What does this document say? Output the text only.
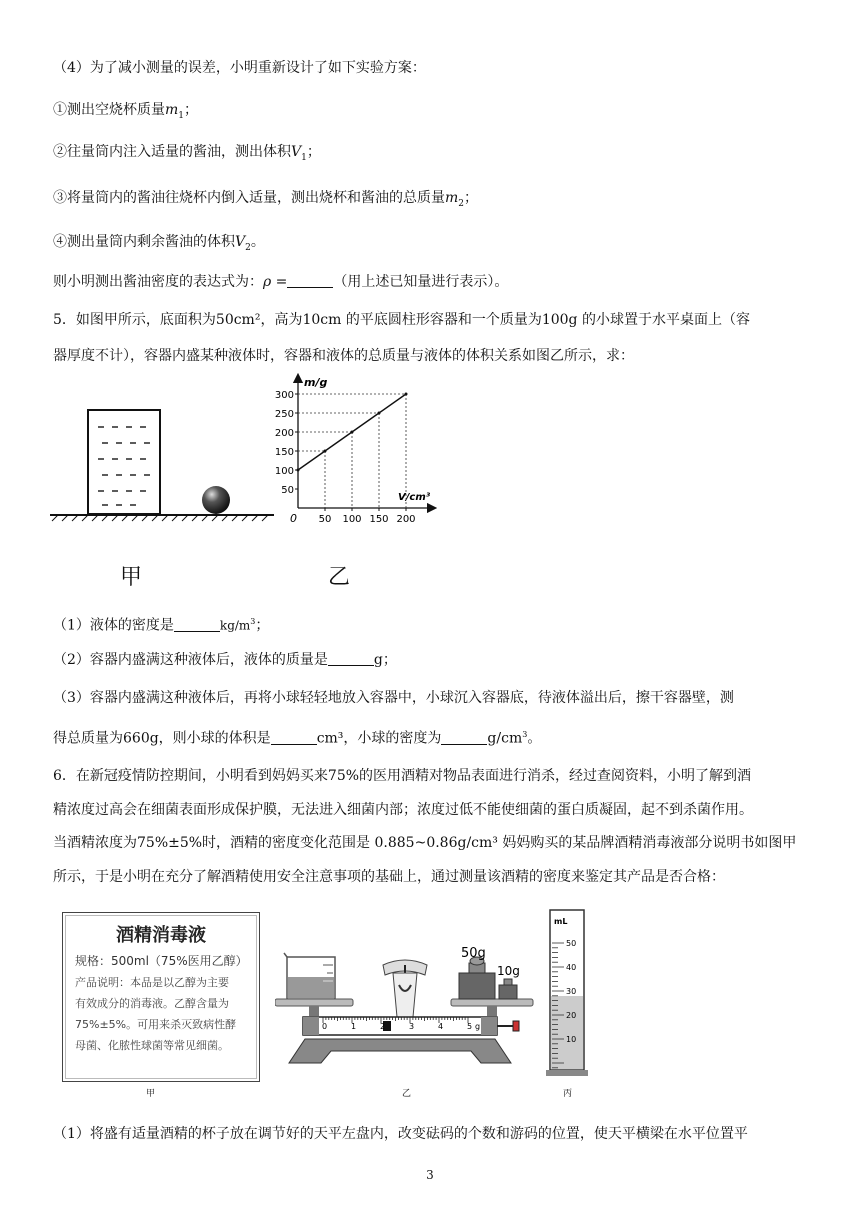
（4）为了减小测量的误差，小明重新设计了如下实验方案：
①测出空烧杯质量$m_1$；
②往量筒内注入适量的酱油，测出体积$V_1$；
③将量筒内的酱油往烧杯内倒入适量，测出烧杯和酱油的总质量$m_2$；
④测出量筒内剩余酱油的体积$V_2$。
则小明测出酱油密度的表达式为：ρ =	（用上述已知量进行表示）。
5．如图甲所示，底面积为50cm²，高为10cm 的平底圆柱形容器和一个质量为100g 的小球置于水平桌面上（容
器厚度不计），容器内盛某种液体时，容器和液体的总质量与液体的体积关系如图乙所示，求：
m/g
V/cm³
0
50
100
150
200
250
300
50 100 150 200
甲	乙
（1）液体的密度是	$kg/m^3$；
（2）容器内盛满这种液体后，液体的质量是	g；
（3）容器内盛满这种液体后，再将小球轻轻地放入容器中，小球沉入容器底，待液体溢出后，擦干容器壁，测
得总质量为660g，则小球的体积是	cm³，小球的密度为	$g/cm^3$。
6．在新冠疫情防控期间，小明看到妈妈买来75%的医用酒精对物品表面进行消杀，经过查阅资料，小明了解到酒
精浓度过高会在细菌表面形成保护膜，无法进入细菌内部；浓度过低不能使细菌的蛋白质凝固，起不到杀菌作用。
当酒精浓度为75%±5%时，酒精的密度变化范围是 0.885~0.86g/cm³ 妈妈购买的某品牌酒精消毒液部分说明书如图甲
所示，于是小明在充分了解酒精使用安全注意事项的基础上，通过测量该酒精的密度来鉴定其产品是否合格：
酒精消毒液
规格：500ml（75%医用乙醇）
产品说明：本品是以乙醇为主要
有效成分的消毒液。乙醇含量为
75%±5%。可用来杀灭致病性酵
母菌、化脓性球菌等常见细菌。
50g
10g
0	1	2	3	4	5 g
mL
50
40
30
20
10
甲	乙	丙
（1）将盛有适量酒精的杯子放在调节好的天平左盘内，改变砝码的个数和游码的位置，使天平横梁在水平位置平
3
